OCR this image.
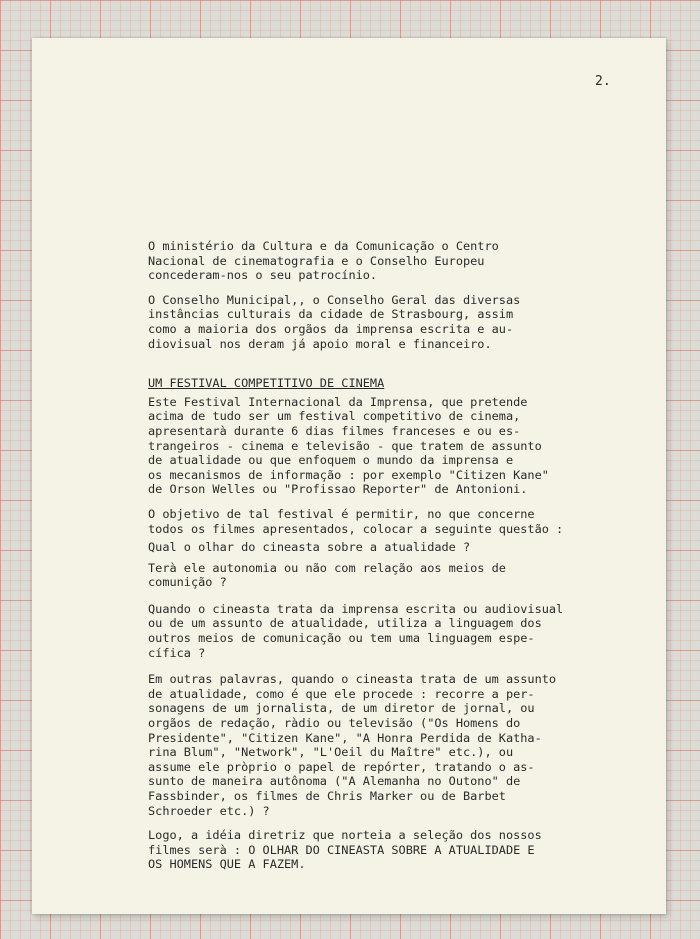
2.

O ministério da Cultura e da Comunicação o Centro
Nacional de cinematografia e o Conselho Europeu
concederam-nos o seu patrocínio.

O Conselho Municipal,, o Conselho Geral das diversas
instâncias culturais da cidade de Strasbourg, assim
como a maioria dos orgãos da imprensa escrita e au-
diovisual nos deram já apoio moral e financeiro.

UM FESTIVAL COMPETITIVO DE CINEMA

Este Festival Internacional da Imprensa, que pretende
acima de tudo ser um festival competitivo de cinema,
apresentarà durante 6 dias filmes franceses e ou es-
trangeiros - cinema e televisão - que tratem de assunto
de atualidade ou que enfoquem o mundo da imprensa e
os mecanismos de informação : por exemplo "Citizen Kane"
de Orson Welles ou "Profissao Reporter" de Antonioni.

O objetivo de tal festival é permitir, no que concerne
todos os filmes apresentados, colocar a seguinte questão :

Qual o olhar do cineasta sobre a atualidade ?

Terà ele autonomia ou não com relação aos meios de
comunição ?

Quando o cineasta trata da imprensa escrita ou audiovisual
ou de um assunto de atualidade, utiliza a linguagem dos
outros meios de comunicação ou tem uma linguagem espe-
cífica ?

Em outras palavras, quando o cineasta trata de um assunto
de atualidade, como é que ele procede : recorre a per-
sonagens de um jornalista, de um diretor de jornal, ou
orgãos de redação, ràdio ou televisão ("Os Homens do
Presidente", "Citizen Kane", "A Honra Perdida de Katha-
rina Blum", "Network", "L'Oeil du Maître" etc.), ou
assume ele pròprio o papel de repórter, tratando o as-
sunto de maneira autônoma ("A Alemanha no Outono" de
Fassbinder, os filmes de Chris Marker ou de Barbet
Schroeder etc.) ?

Logo, a idéia diretriz que norteia a seleção dos nossos
filmes serà : O OLHAR DO CINEASTA SOBRE A ATUALIDADE E
OS HOMENS QUE A FAZEM.
